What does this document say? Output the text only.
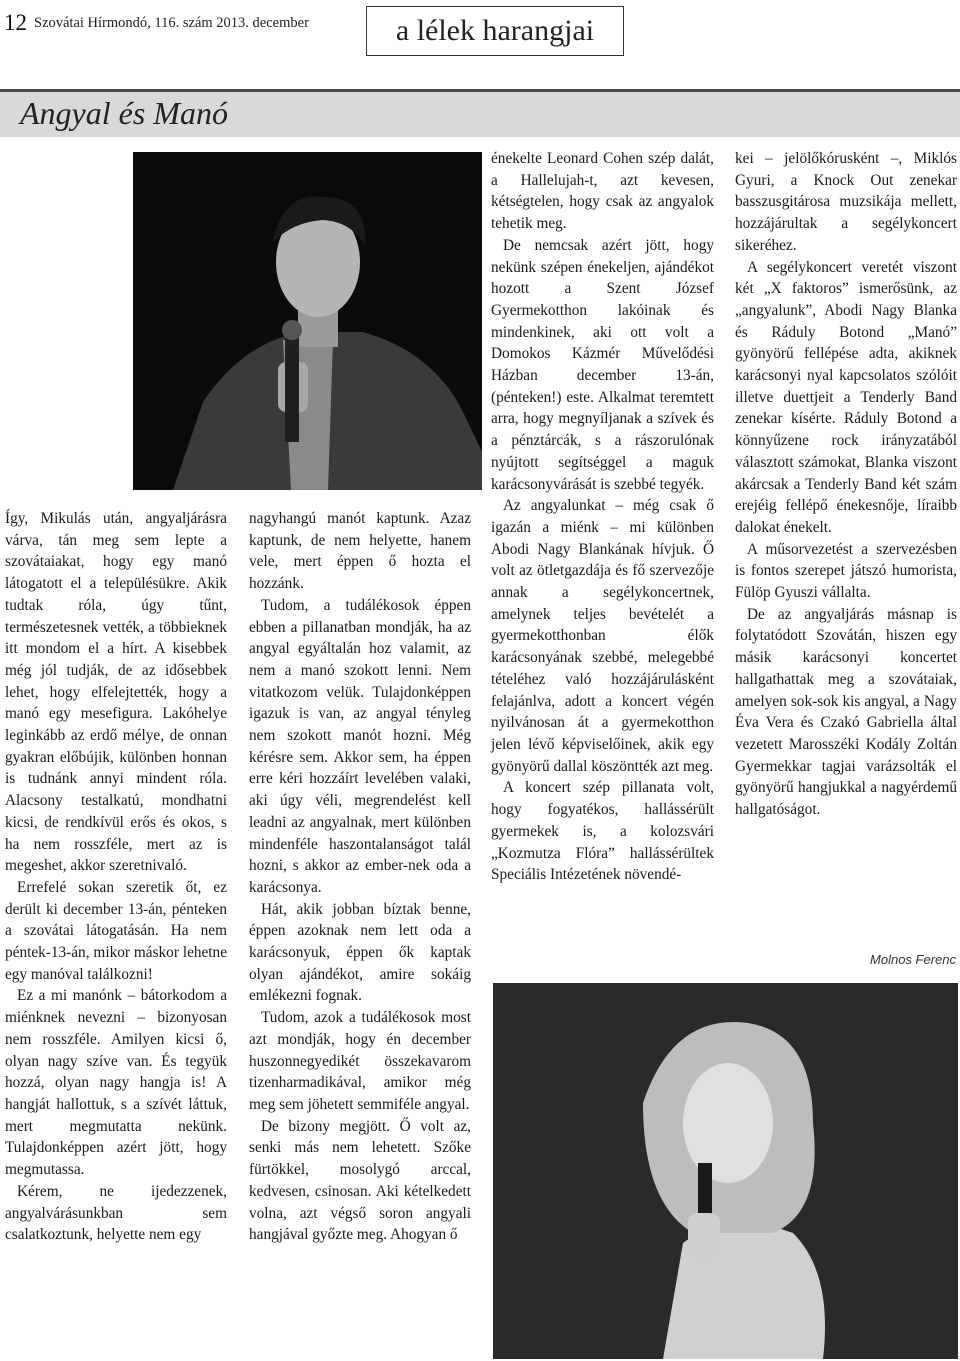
12 Szovátai Hírmondó, 116. szám 2013. december	a lélek harangjai
Angyal és Manó

Így, Mikulás után, angyaljárásra várva, tán meg sem lepte a szovátaiakat, hogy egy manó látogatott el a településükre. Akik tudtak róla, úgy tűnt, természetesnek vették, a többieknek itt mondom el a hírt. A kisebbek még jól tudják, de az idősebbek lehet, hogy elfelejtették, hogy a manó egy mesefigura. Lakóhelye leginkább az erdő mélye, de onnan gyakran előbújik, különben honnan is tudnánk annyi mindent róla. Alacsony testalkatú, mondhatni kicsi, de rendkívül erős és okos, s ha nem rosszféle, mert az is megeshet, akkor szeretnivaló.

Errefelé sokan szeretik őt, ez derült ki december 13-án, pénteken a szovátai látogatásán. Ha nem péntek-13-án, mikor máskor lehetne egy manóval találkozni!

Ez a mi manónk – bátorkodom a miénknek nevezni – bizonyosan nem rosszféle. Amilyen kicsi ő, olyan nagy szíve van. És tegyük hozzá, olyan nagy hangja is! A hangját hallottuk, s a szívét láttuk, mert megmutatta nekünk. Tulajdonképpen azért jött, hogy megmutassa.

Kérem, ne ijedezzenek, angyalvárásunkban sem csalatkoztunk, helyette nem egy

nagyhangú manót kaptunk. Azaz kaptunk, de nem helyette, hanem vele, mert éppen ő hozta el hozzánk.

Tudom, a tudálékosok éppen ebben a pillanatban mondják, ha az angyal egyáltalán hoz valamit, az nem a manó szokott lenni. Nem vitatkozom velük. Tulajdonképpen igazuk is van, az angyal tényleg nem szokott manót hozni. Még kérésre sem. Akkor sem, ha éppen erre kéri hozzáírt levelében valaki, aki úgy véli, megrendelést kell leadni az angyalnak, mert különben mindenféle haszontalanságot talál hozni, s akkor az ember-nek oda a karácsonya.

Hát, akik jobban bíztak benne, éppen azoknak nem lett oda a karácsonyuk, éppen ők kaptak olyan ajándékot, amire sokáig emlékezni fognak.

Tudom, azok a tudálékosok most azt mondják, hogy én december huszonnegyedikét összekavarom tizenharmadikával, amikor még meg sem jöhetett semmiféle angyal.

De bizony megjött. Ő volt az, senki más nem lehetett. Szőke fürtökkel, mosolygó arccal, kedvesen, csinosan. Aki kételkedett volna, azt végső soron angyali hangjával győzte meg. Ahogyan ő

énekelte Leonard Cohen szép dalát, a Hallelujah-t, azt kevesen, kétségtelen, hogy csak az angyalok tehetik meg.

De nemcsak azért jött, hogy nekünk szépen énekeljen, ajándékot hozott a Szent József Gyermekotthon lakóinak és mindenkinek, aki ott volt a Domokos Kázmér Művelődési Házban december 13-án, (pénteken!) este. Alkalmat teremtett arra, hogy megnyíljanak a szívek és a pénztárcák, s a rászorulónak nyújtott segítséggel a maguk karácsonyvárását is szebbé tegyék.

Az angyalunkat – még csak ő igazán a miénk – mi különben Abodi Nagy Blankának hívjuk. Ő volt az ötletgazdája és fő szervezője annak a segélykoncertnek, amelynek teljes bevételét a gyermekotthonban élők karácsonyának szebbé, melegebbé tételéhez való hozzájárulásként felajánlva, adott a koncert végén nyilvánosan át a gyermekotthon jelen lévő képviselőinek, akik egy gyönyörű dallal köszöntték azt meg.

A koncert szép pillanata volt, hogy fogyatékos, hallássérült gyermekek is, a kolozsvári „Kozmutza Flóra” hallássérültek Speciális Intézetének növendé-

kei – jelölőkórusként –, Miklós Gyuri, a Knock Out zenekar basszusgitárosa muzsikája mellett, hozzájárultak a segélykoncert sikeréhez.

A segélykoncert veretét viszont két „X faktoros” ismerősünk, az „angyalunk”, Abodi Nagy Blanka és Ráduly Botond „Manó” gyönyörű fellépése adta, akiknek karácsonyi nyal kapcsolatos szólóit illetve duettjeit a Tenderly Band zenekar kísérte. Ráduly Botond a könnyűzene rock irányzatából választott számokat, Blanka viszont akárcsak a Tenderly Band két szám erejéig fellépő énekesnője, líraibb dalokat énekelt.

A műsorvezetést a szervezésben is fontos szerepet játszó humorista, Fülöp Gyuszi vállalta.

De az angyaljárás másnap is folytatódott Szovátán, hiszen egy másik karácsonyi koncertet hallgathattak meg a szovátaiak, amelyen sok-sok kis angyal, a Nagy Éva Vera és Czakó Gabriella által vezetett Marosszéki Kodály Zoltán Gyermekkar tagjai varázsolták el gyönyörű hangjukkal a nagyérdemű hallgatóságot.

Molnos Ferenc
